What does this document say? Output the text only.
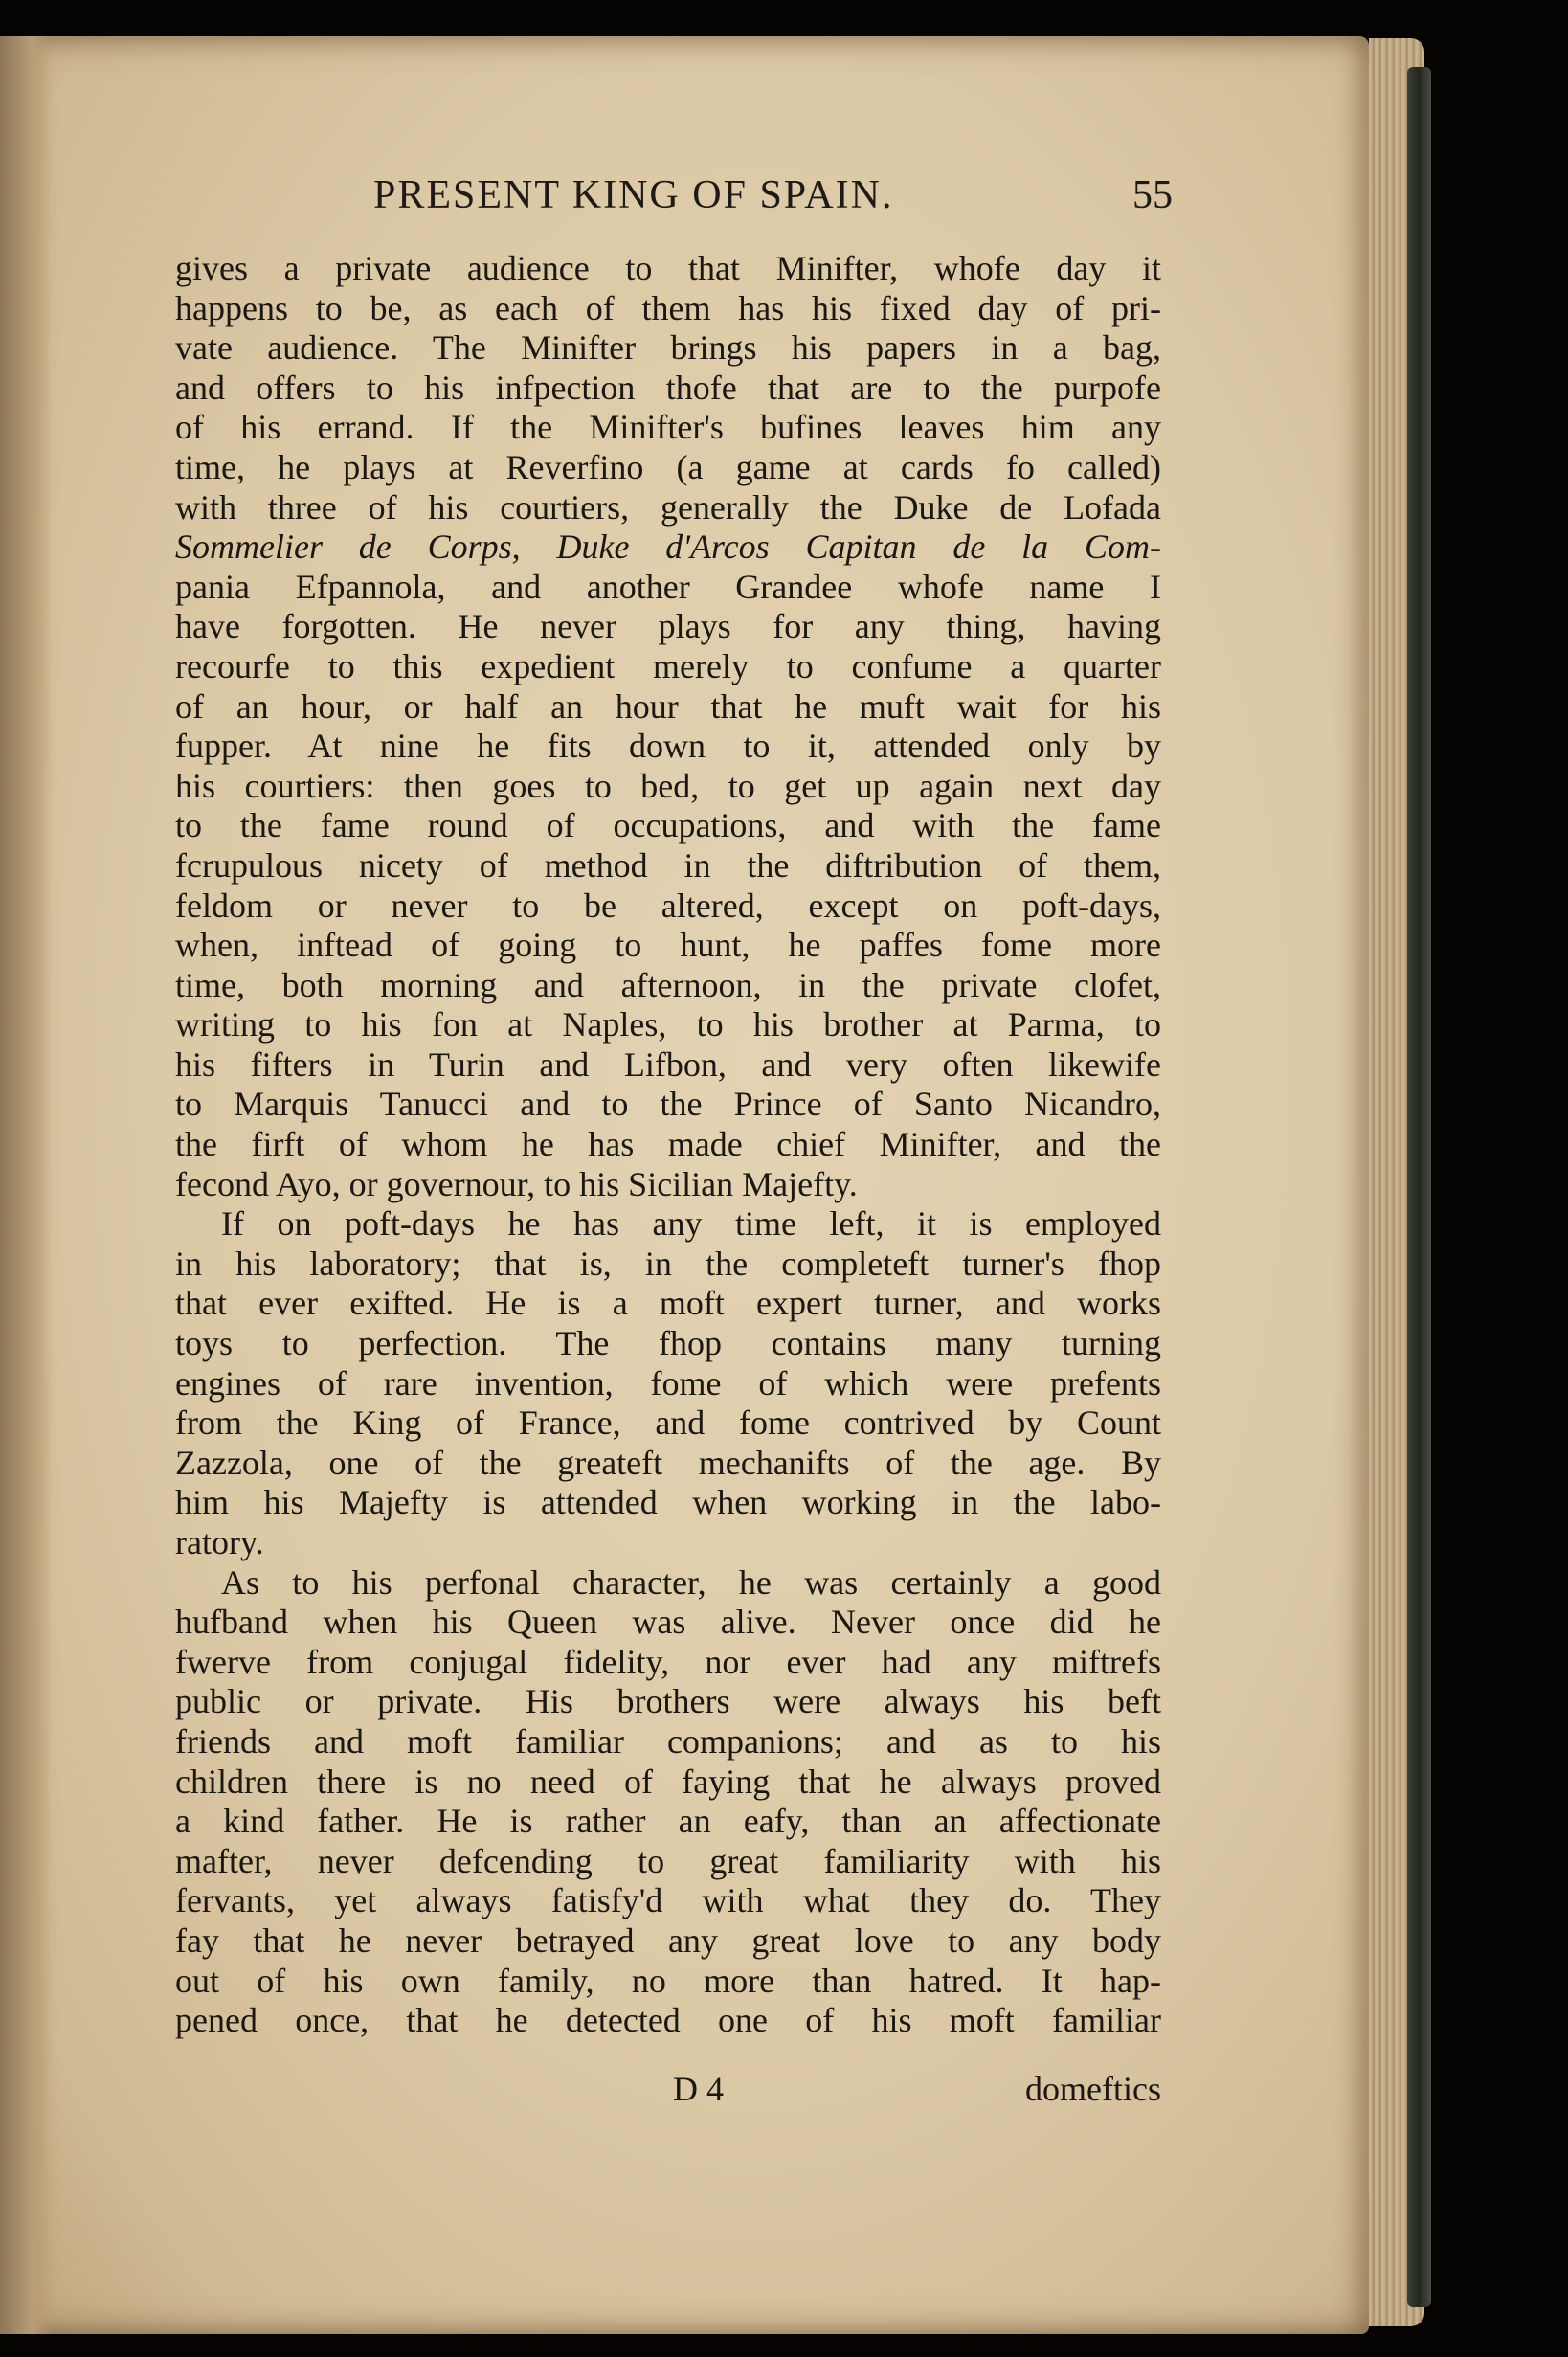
PRESENT KING OF SPAIN.	55
gives a private audience to that Minifter, whofe day it
happens to be, as each of them has his fixed day of pri-
vate audience. The Minifter brings his papers in a bag,
and offers to his infpection thofe that are to the purpofe
of his errand. If the Minifter's bufines leaves him any
time, he plays at Reverfino (a game at cards fo called)
with three of his courtiers, generally the Duke de Lofada
Sommelier de Corps, Duke d'Arcos Capitan de la Com-
pania Efpannola, and another Grandee whofe name I
have forgotten. He never plays for any thing, having
recourfe to this expedient merely to confume a quarter
of an hour, or half an hour that he muft wait for his
fupper. At nine he fits down to it, attended only by
his courtiers: then goes to bed, to get up again next day
to the fame round of occupations, and with the fame
fcrupulous nicety of method in the diftribution of them,
feldom or never to be altered, except on poft-days,
when, inftead of going to hunt, he paffes fome more
time, both morning and afternoon, in the private clofet,
writing to his fon at Naples, to his brother at Parma, to
his fifters in Turin and Lifbon, and very often likewife
to Marquis Tanucci and to the Prince of Santo Nicandro,
the firft of whom he has made chief Minifter, and the
fecond Ayo, or governour, to his Sicilian Majefty.
If on poft-days he has any time left, it is employed
in his laboratory; that is, in the completeft turner's fhop
that ever exifted. He is a moft expert turner, and works
toys to perfection. The fhop contains many turning
engines of rare invention, fome of which were prefents
from the King of France, and fome contrived by Count
Zazzola, one of the greateft mechanifts of the age. By
him his Majefty is attended when working in the labo-
ratory.
As to his perfonal character, he was certainly a good
hufband when his Queen was alive. Never once did he
fwerve from conjugal fidelity, nor ever had any miftrefs
public or private. His brothers were always his beft
friends and moft familiar companions; and as to his
children there is no need of faying that he always proved
a kind father. He is rather an eafy, than an affectionate
mafter, never defcending to great familiarity with his
fervants, yet always fatisfy'd with what they do. They
fay that he never betrayed any great love to any body
out of his own family, no more than hatred. It hap-
pened once, that he detected one of his moft familiar
D 4	domeftics
